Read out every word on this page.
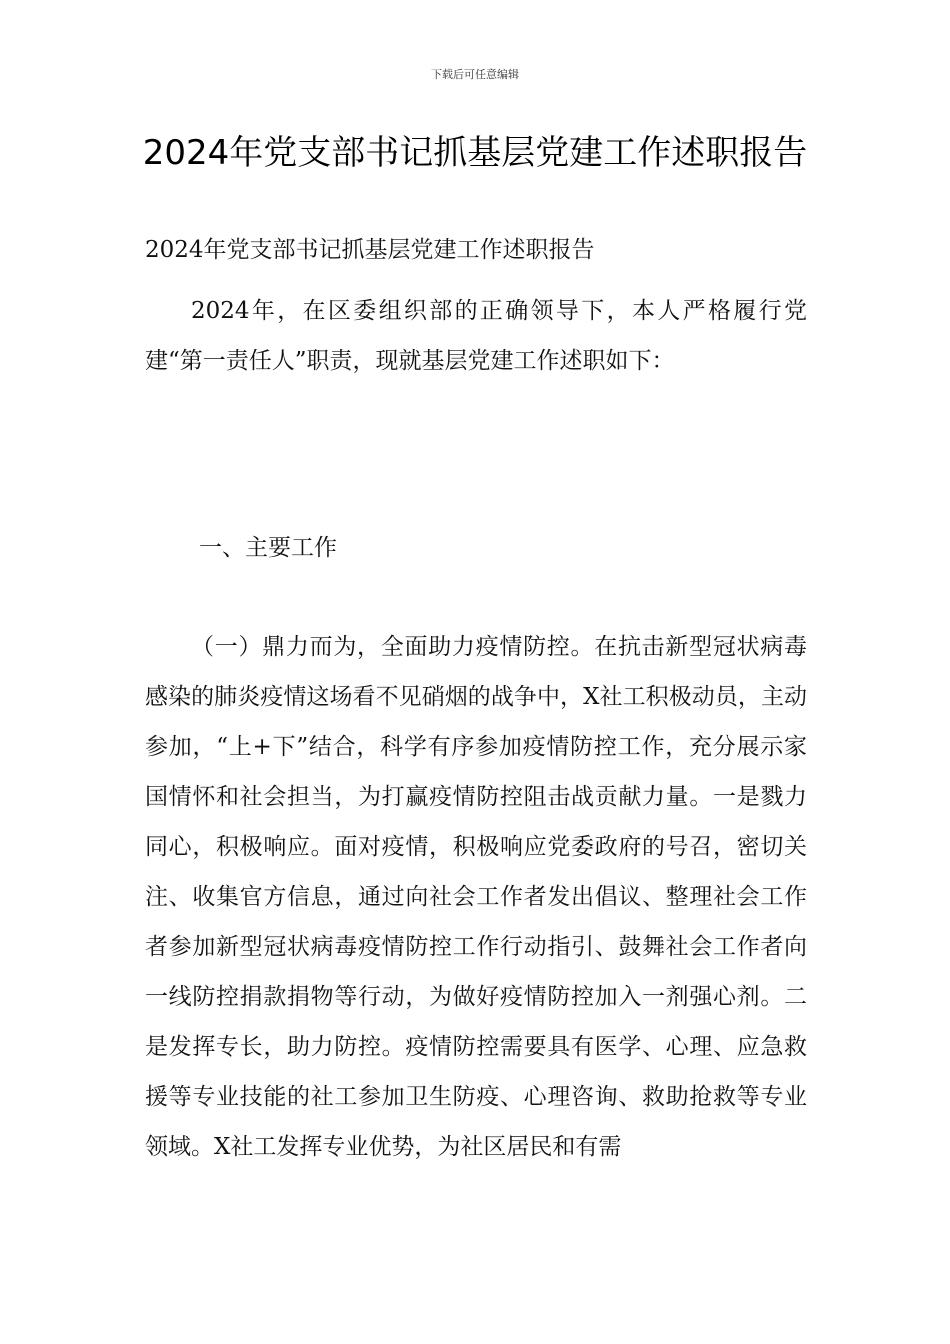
下载后可任意编辑
2024年党支部书记抓基层党建工作述职报告

2024年党支部书记抓基层党建工作述职报告

2024年，在区委组织部的正确领导下，本人严格履行党建“第一责任人”职责，现就基层党建工作述职如下：

一、主要工作

（一）鼎力而为，全面助力疫情防控。在抗击新型冠状病毒感染的肺炎疫情这场看不见硝烟的战争中，X社工积极动员，主动参加，“上+下”结合，科学有序参加疫情防控工作，充分展示家国情怀和社会担当，为打赢疫情防控阻击战贡献力量。一是戮力同心，积极响应。面对疫情，积极响应党委政府的号召，密切关注、收集官方信息，通过向社会工作者发出倡议、整理社会工作者参加新型冠状病毒疫情防控工作行动指引、鼓舞社会工作者向一线防控捐款捐物等行动，为做好疫情防控加入一剂强心剂。二是发挥专长，助力防控。疫情防控需要具有医学、心理、应急救援等专业技能的社工参加卫生防疫、心理咨询、救助抢救等专业领域。X社工发挥专业优势，为社区居民和有需
